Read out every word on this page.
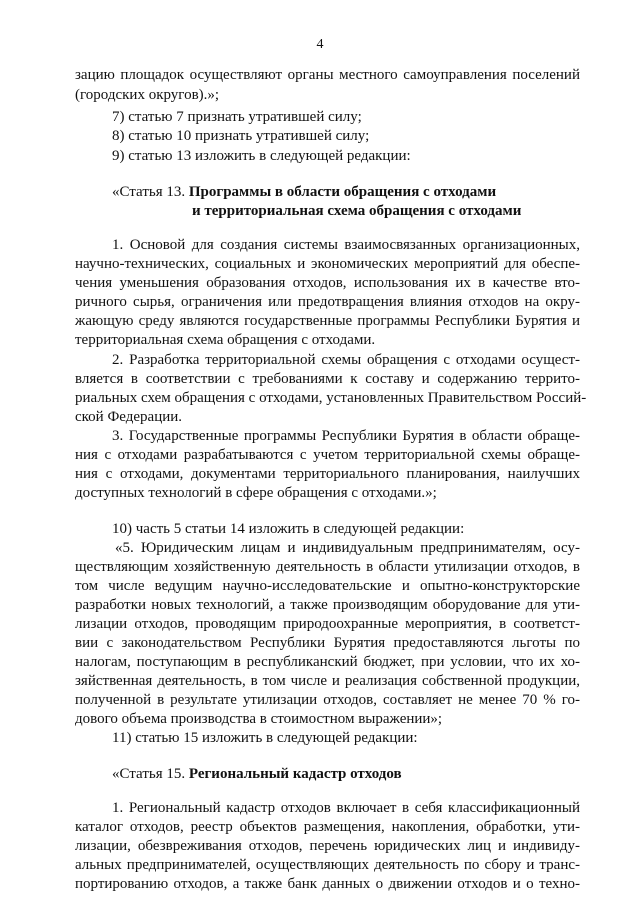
4
зацию площадок осуществляют органы местного самоуправления поселений
(городских округов).»;
7) статью 7 признать утратившей силу;
8) статью 10 признать утратившей силу;
9) статью 13 изложить в следующей редакции:
«Статья 13. Программы в области обращения с отходами
и территориальная схема обращения с отходами
1. Основой для создания системы взаимосвязанных организационных,
научно-технических, социальных и экономических мероприятий для обеспе-
чения уменьшения образования отходов, использования их в качестве вто-
ричного сырья, ограничения или предотвращения влияния отходов на окру-
жающую среду являются государственные программы Республики Бурятия и
территориальная схема обращения с отходами.
2. Разработка территориальной схемы обращения с отходами осущест-
вляется в соответствии с требованиями к составу и содержанию террито-
риальных схем обращения с отходами, установленных Правительством Россий-
ской Федерации.
3. Государственные программы Республики Бурятия в области обраще-
ния с отходами разрабатываются с учетом территориальной схемы обраще-
ния с отходами, документами территориального планирования, наилучших
доступных технологий в сфере обращения с отходами.»;
10) часть 5 статьи 14 изложить в следующей редакции:
«5. Юридическим лицам и индивидуальным предпринимателям, осу-
ществляющим хозяйственную деятельность в области утилизации отходов, в
том числе ведущим научно-исследовательские и опытно-конструкторские
разработки новых технологий, а также производящим оборудование для ути-
лизации отходов, проводящим природоохранные мероприятия, в соответст-
вии с законодательством Республики Бурятия предоставляются льготы по
налогам, поступающим в республиканский бюджет, при условии, что их хо-
зяйственная деятельность, в том числе и реализация собственной продукции,
полученной в результате утилизации отходов, составляет не менее 70 % го-
дового объема производства в стоимостном выражении»;
11) статью 15 изложить в следующей редакции:
«Статья 15. Региональный кадастр отходов
1. Региональный кадастр отходов включает в себя классификационный
каталог отходов, реестр объектов размещения, накопления, обработки, ути-
лизации, обезвреживания отходов, перечень юридических лиц и индивиду-
альных предпринимателей, осуществляющих деятельность по сбору и транс-
портированию отходов, а также банк данных о движении отходов и о техно-
